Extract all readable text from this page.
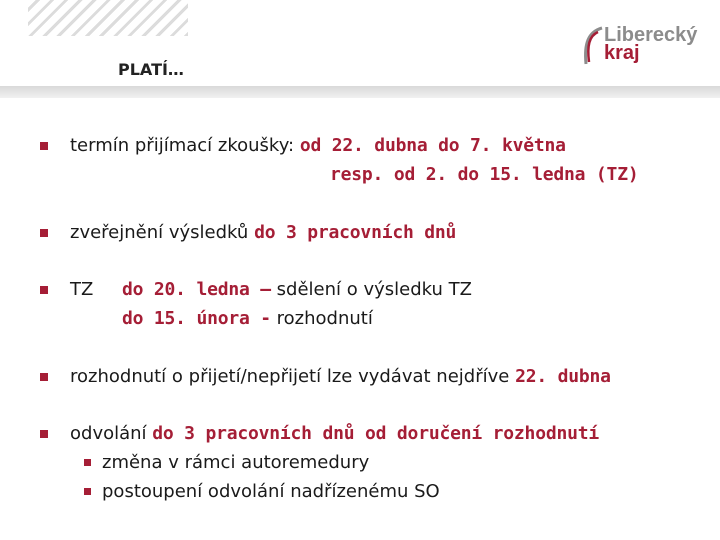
PLATÍ…
Liberecký
kraj
termín přijímací zkoušky: od 22. dubna do 7. května
resp. od 2. do 15. ledna (TZ)
zveřejnění výsledků do 3 pracovních dnů
TZ do 20. ledna – sdělení o výsledku TZ
do 15. února - rozhodnutí
rozhodnutí o přijetí/nepřijetí lze vydávat nejdříve 22. dubna
odvolání do 3 pracovních dnů od doručení rozhodnutí
změna v rámci autoremedury
postoupení odvolání nadřízenému SO
